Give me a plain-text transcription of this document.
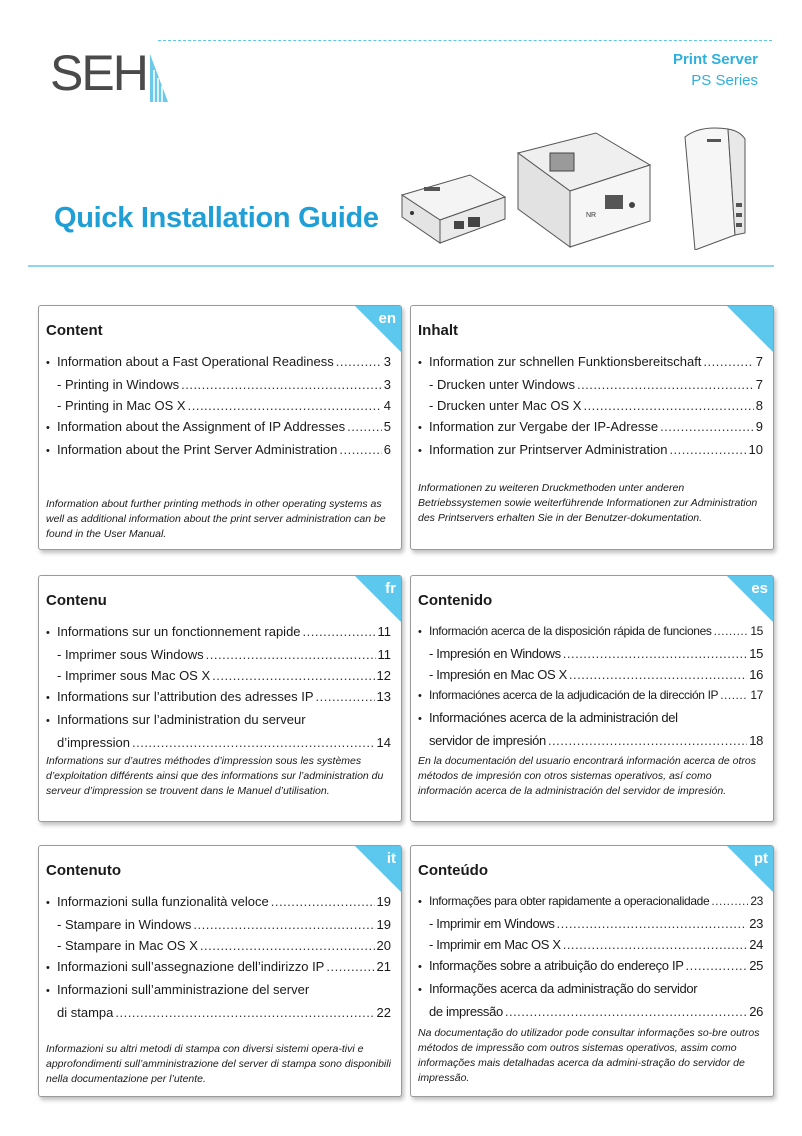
SEH	Print Server
PS Series
NR
Quick Installation Guide
en
Content
• Information about a Fast Operational Readiness .....	3
- Printing in Windows .....	3
- Printing in Mac OS X .....	4
• Information about the Assignment of IP Addresses .....	5
• Information about the Print Server Administration .....	6
Information about further printing methods in other operating systems as well as additional information about the print server administration can be found in the User Manual.
Inhalt
• Information zur schnellen Funktionsbereitschaft .....	7
- Drucken unter Windows .....	7
- Drucken unter Mac OS X .....	8
• Information zur Vergabe der IP-Adresse .....	9
• Information zur Printserver Administration .....	10
Informationen zu weiteren Druckmethoden unter anderen Betriebssystemen sowie weiterführende Informationen zur Administration des Printservers erhalten Sie in der Benutzer-dokumentation.
fr
Contenu
• Informations sur un fonctionnement rapide .....	11
- Imprimer sous Windows .....	11
- Imprimer sous Mac OS X .....	12
• Informations sur l’attribution des adresses IP .....	13
• Informations sur l’administration du serveur
d’impression .....	14
Informations sur d’autres méthodes d’impression sous les systèmes d’exploitation différents ainsi que des informations sur l’administration du serveur d’impression se trouvent dans le Manuel d’utilisation.
es
Contenido
• Información acerca de la disposición rápida de funciones .....	15
- Impresión en Windows .....	15
- Impresión en Mac OS X .....	16
• Informaciónes acerca de la adjudicación de la dirección IP .....	17
• Informaciónes acerca de la administración del
servidor de impresión .....	18
En la documentación del usuario encontrará información acerca de otros métodos de impresión con otros sistemas operativos, así como información acerca de la administración del servidor de impresión.
it
Contenuto
• Informazioni sulla funzionalità veloce .....	19
- Stampare in Windows .....	19
- Stampare in Mac OS X .....	20
• Informazioni sull’assegnazione dell’indirizzo IP .....	21
• Informazioni sull’amministrazione del server
di stampa .....	22
Informazioni su altri metodi di stampa con diversi sistemi opera-tivi e approfondimenti sull’amministrazione del server di stampa sono disponibili nella documentazione per l’utente.
pt
Conteúdo
• Informações para obter rapidamente a operacionalidade .....	23
- Imprimir em Windows .....	23
- Imprimir em Mac OS X .....	24
• Informações sobre a atribuição do endereço IP .....	25
• Informações acerca da administração do servidor
de impressão .....	26
Na documentação do utilizador pode consultar informações so-bre outros métodos de impressão com outros sistemas operativos, assim como informações mais detalhadas acerca da admini-stração do servidor de impressão.
